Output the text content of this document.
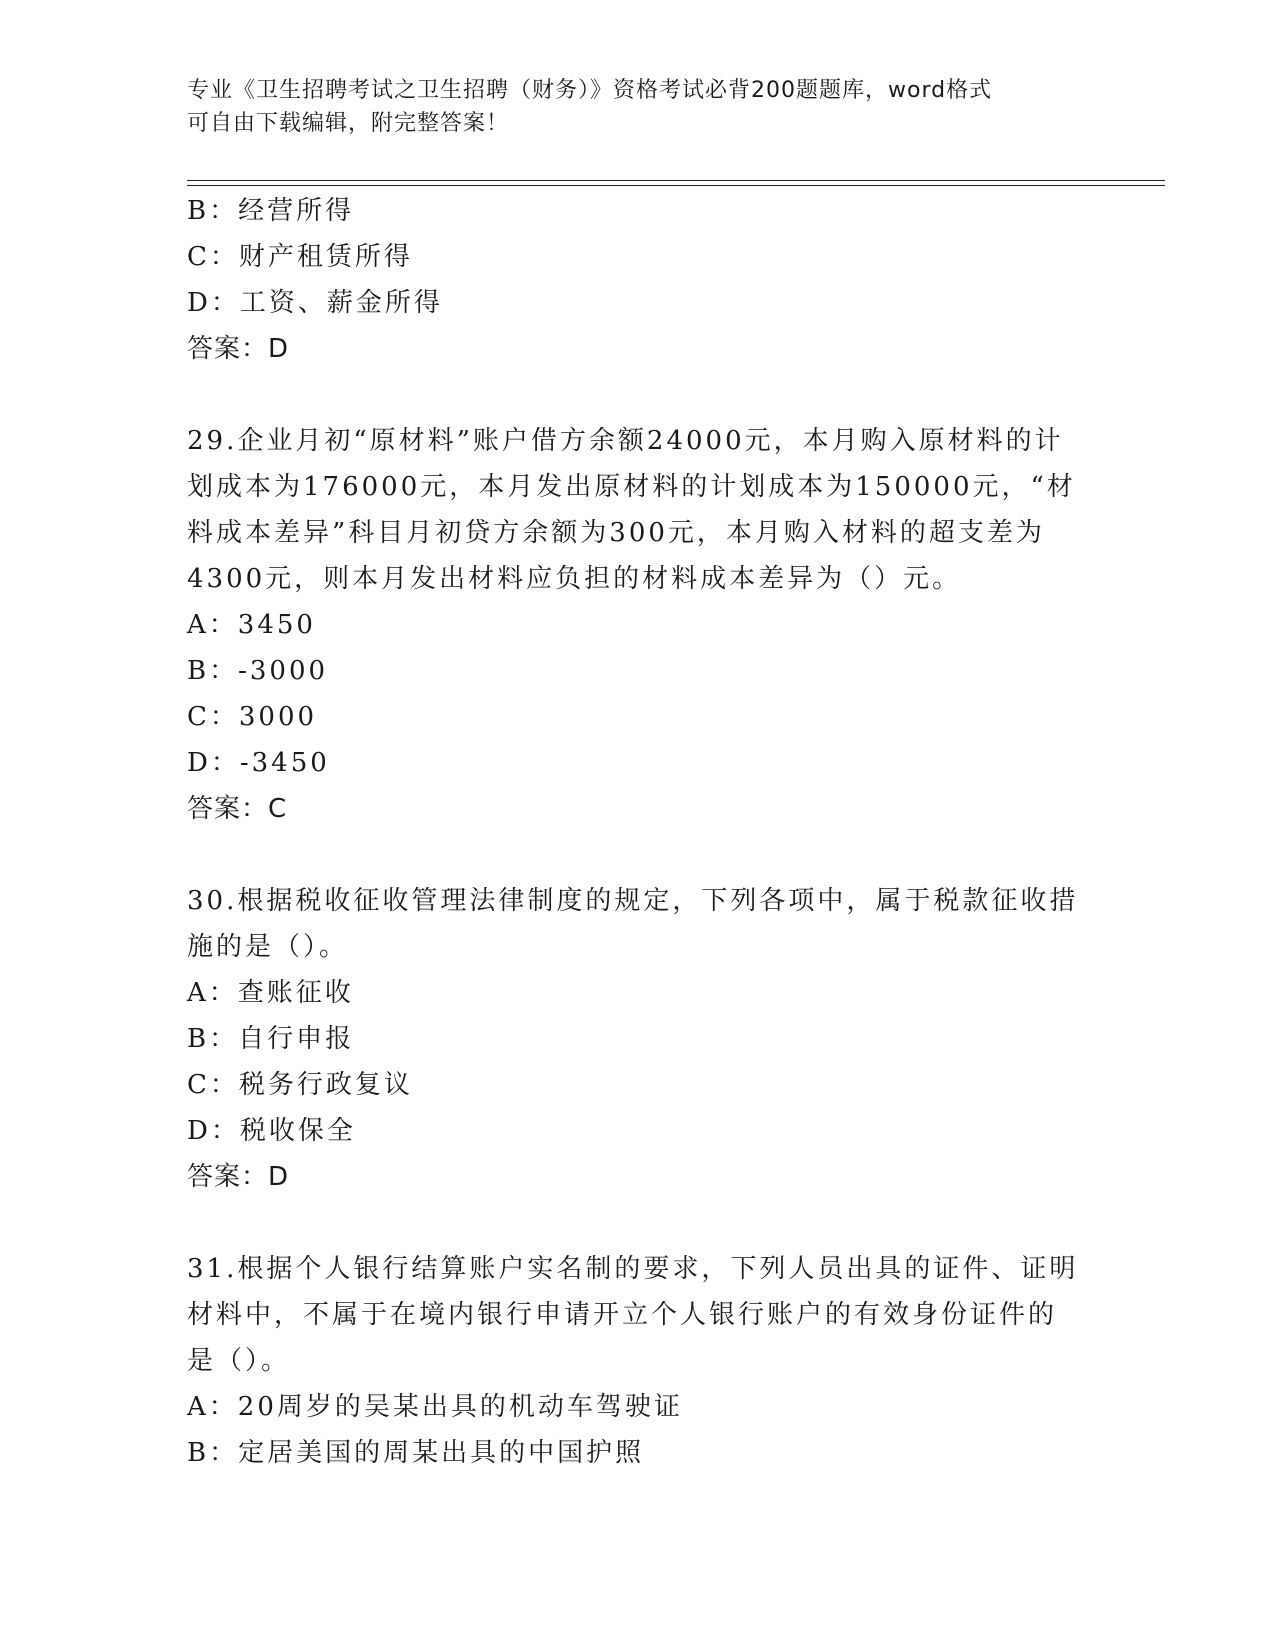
专业《卫生招聘考试之卫生招聘（财务）》资格考试必背200题题库，word格式
可自由下载编辑，附完整答案！
B：经营所得
C：财产租赁所得
D：工资、薪金所得
答案：D
29.企业月初“原材料”账户借方余额24000元，本月购入原材料的计
划成本为176000元，本月发出原材料的计划成本为150000元，“材
料成本差异”科目月初贷方余额为300元，本月购入材料的超支差为
4300元，则本月发出材料应负担的材料成本差异为（）元。
A：3450
B：-3000
C：3000
D：-3450
答案：C
30.根据税收征收管理法律制度的规定，下列各项中，属于税款征收措
施的是（）。
A：查账征收
B：自行申报
C：税务行政复议
D：税收保全
答案：D
31.根据个人银行结算账户实名制的要求，下列人员出具的证件、证明
材料中，不属于在境内银行申请开立个人银行账户的有效身份证件的
是（）。
A：20周岁的吴某出具的机动车驾驶证
B：定居美国的周某出具的中国护照
